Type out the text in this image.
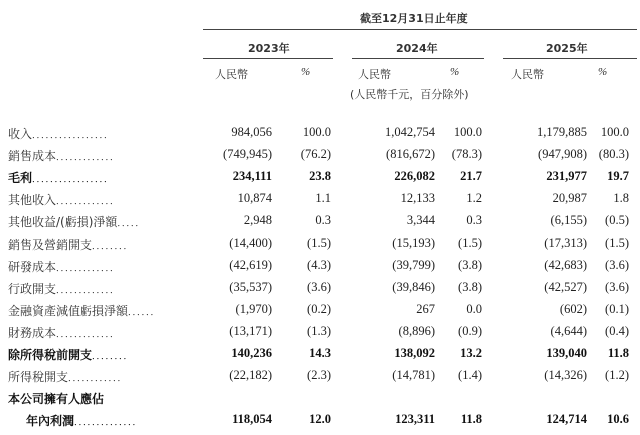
截至12月31日止年度
2023年	2024年	2025年
人民幣	%	人民幣	%	人民幣	%
(人民幣千元，百分除外)
收入．．．．．．．．．．．．．．．．．	984,056 100.0	1,042,754 100.0	1,179,885 100.0
銷售成本．．．．．．．．．．．．．	(749,945) (76.2)	(816,672) (78.3)	(947,908) (80.3)
毛利．．．．．．．．．．．．．．．．．	234,111	23.8	226,082 21.7	231,977 19.7
其他收入．．．．．．．．．．．．．	10,874	1.1	12,133	1.2	20,987 1.8
其他收益/(虧損)淨額．．．．．	2,948	0.3	3,344	0.3	(6,155) (0.5)
銷售及營銷開支．．．．．．．．	(14,400)	(1.5)	(15,193) (1.5)	(17,313) (1.5)
研發成本．．．．．．．．．．．．．	(42,619)	(4.3)	(39,799) (3.8)	(42,683) (3.6)
行政開支．．．．．．．．．．．．．	(35,537)	(3.6)	(39,846) (3.8)	(42,527) (3.6)
金融資產減值虧損淨額．．．．．．	(1,970)	(0.2)	267	0.0	(602) (0.1)
財務成本．．．．．．．．．．．．．	(13,171)	(1.3)	(8,896) (0.9)	(4,644) (0.4)
除所得稅前開支．．．．．．．．	140,236	14.3	138,092 13.2	139,040 11.8
所得稅開支．．．．．．．．．．．．	(22,182)	(2.3)	(14,781) (1.4)	(14,326) (1.2)
本公司擁有人應佔
年內利潤．．．．．．．．．．．．．．	118,054	12.0	123,311 11.8	124,714 10.6
